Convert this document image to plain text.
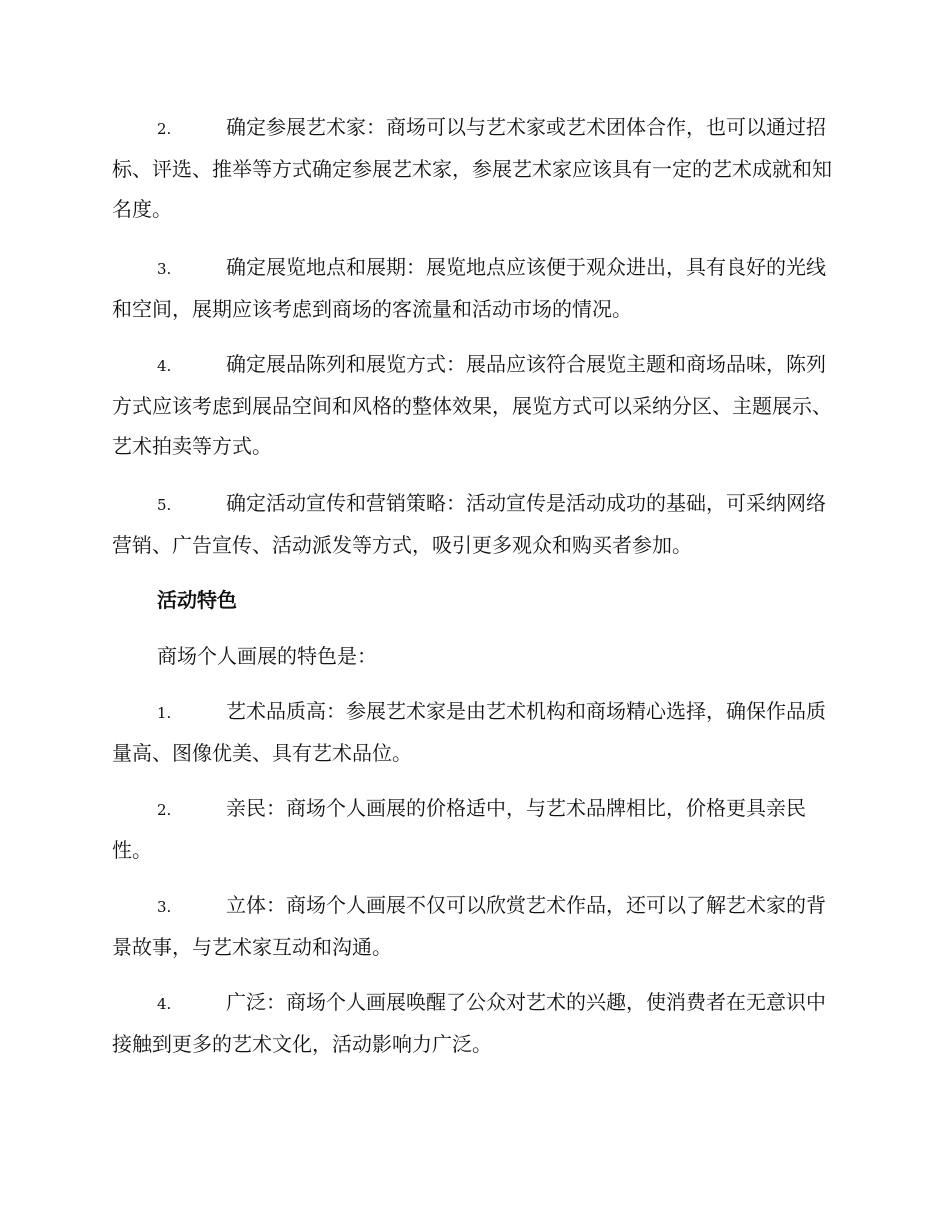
2.	确定参展艺术家：商场可以与艺术家或艺术团体合作，也可以通过招标、评选、推举等方式确定参展艺术家，参展艺术家应该具有一定的艺术成就和知名度。

3.	确定展览地点和展期：展览地点应该便于观众进出，具有良好的光线和空间，展期应该考虑到商场的客流量和活动市场的情况。

4.	确定展品陈列和展览方式：展品应该符合展览主题和商场品味，陈列方式应该考虑到展品空间和风格的整体效果，展览方式可以采纳分区、主题展示、艺术拍卖等方式。

5.	确定活动宣传和营销策略：活动宣传是活动成功的基础，可采纳网络营销、广告宣传、活动派发等方式，吸引更多观众和购买者参加。

活动特色

商场个人画展的特色是：

1.	艺术品质高：参展艺术家是由艺术机构和商场精心选择，确保作品质量高、图像优美、具有艺术品位。

2.	亲民：商场个人画展的价格适中，与艺术品牌相比，价格更具亲民性。

3.	立体：商场个人画展不仅可以欣赏艺术作品，还可以了解艺术家的背景故事，与艺术家互动和沟通。

4.	广泛：商场个人画展唤醒了公众对艺术的兴趣，使消费者在无意识中接触到更多的艺术文化，活动影响力广泛。
